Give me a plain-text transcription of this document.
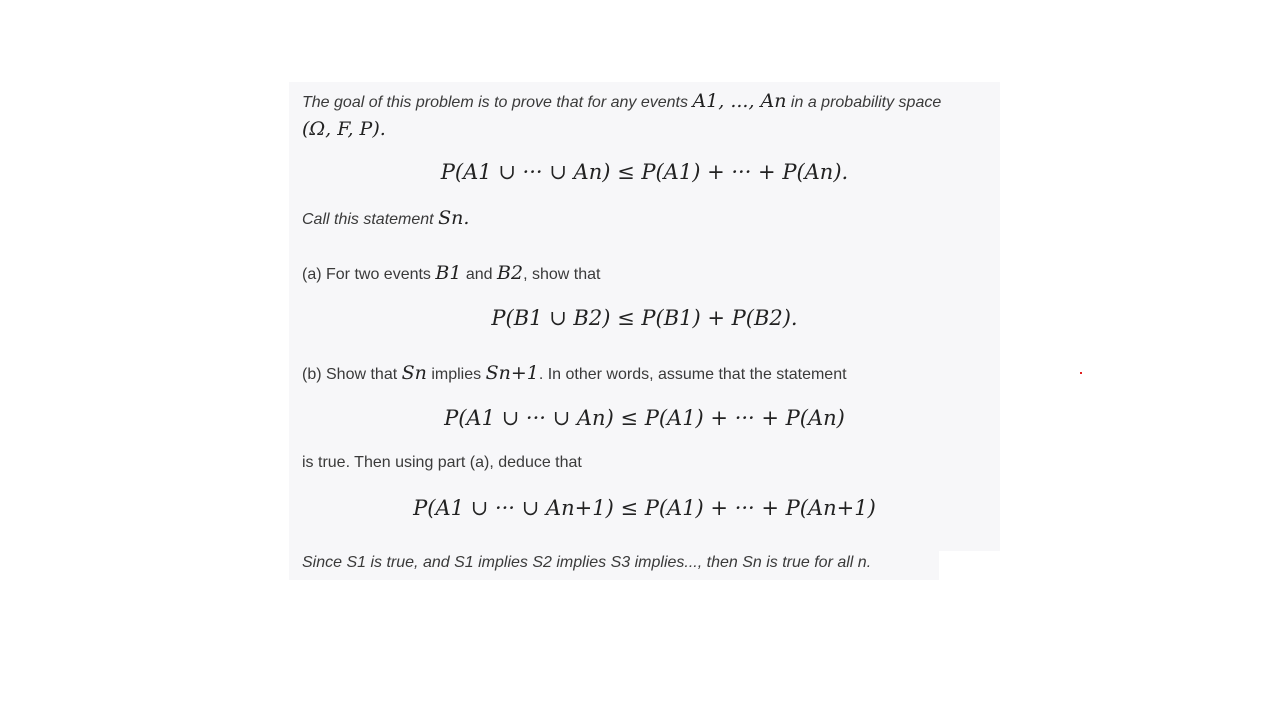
The goal of this problem is to prove that for any events A1, ..., An in a probability space
(Ω, F, P).
P(A1 ∪ ··· ∪ An) ≤ P(A1) + ··· + P(An).
Call this statement Sn.
(a) For two events B1 and B2, show that
P(B1 ∪ B2) ≤ P(B1) + P(B2).
(b) Show that Sn implies Sn+1. In other words, assume that the statement
P(A1 ∪ ··· ∪ An) ≤ P(A1) + ··· + P(An)
is true. Then using part (a), deduce that
P(A1 ∪ ··· ∪ An+1) ≤ P(A1) + ··· + P(An+1)
Since S1 is true, and S1 implies S2 implies S3 implies..., then Sn is true for all n.
